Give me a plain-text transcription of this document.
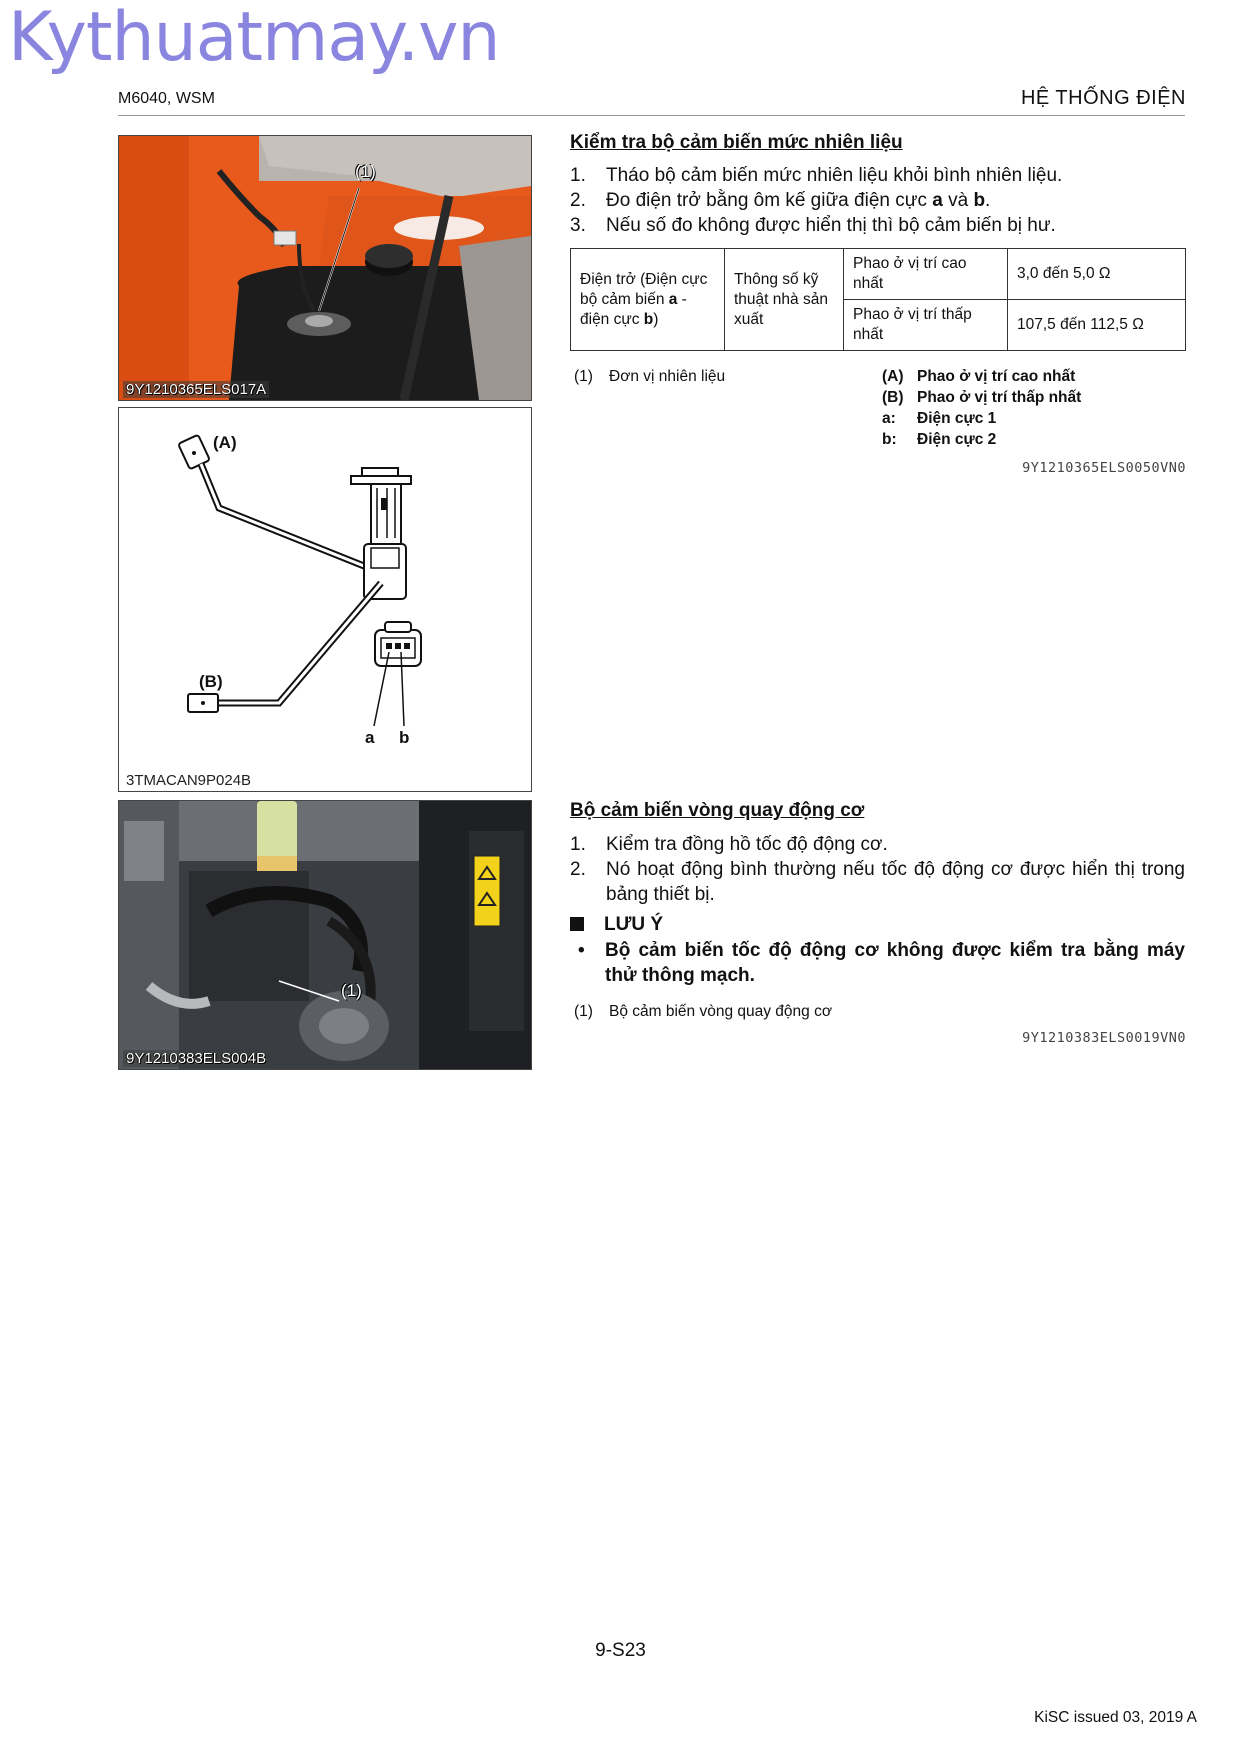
Kythuatmay.vn
M6040, WSM	HỆ THỐNG ĐIỆN
(1)
9Y1210365ELS017A
(A)
(B)
a b
3TMACAN9P024B
(1)
9Y1210383ELS004B
Kiểm tra bộ cảm biến mức nhiên liệu
1.	Tháo bộ cảm biến mức nhiên liệu khỏi bình nhiên liệu.
2.	Đo điện trở bằng ôm kế giữa điện cực a và b.
3.	Nếu số đo không được hiển thị thì bộ cảm biến bị hư.
Điện trở (Điện cực bộ cảm biến a - điện cực b)	Thông số kỹ thuật nhà sản xuất	Phao ở vị trí cao nhất	3,0 đến 5,0 Ω
		Phao ở vị trí thấp nhất	107,5 đến 112,5 Ω
(1)	Đơn vị nhiên liệu	(A) Phao ở vị trí cao nhất
(B) Phao ở vị trí thấp nhất
a:	Điện cực 1
b:	Điện cực 2
9Y1210365ELS0050VN0
Bộ cảm biến vòng quay động cơ
1.	Kiểm tra đồng hồ tốc độ động cơ.
2.	Nó hoạt động bình thường nếu tốc độ động cơ được hiển thị trong bảng thiết bị.
LƯU Ý
•	Bộ cảm biến tốc độ động cơ không được kiểm tra bằng máy thử thông mạch.
(1)	Bộ cảm biến vòng quay động cơ
9Y1210383ELS0019VN0
9-S23
KiSC issued 03, 2019 A
